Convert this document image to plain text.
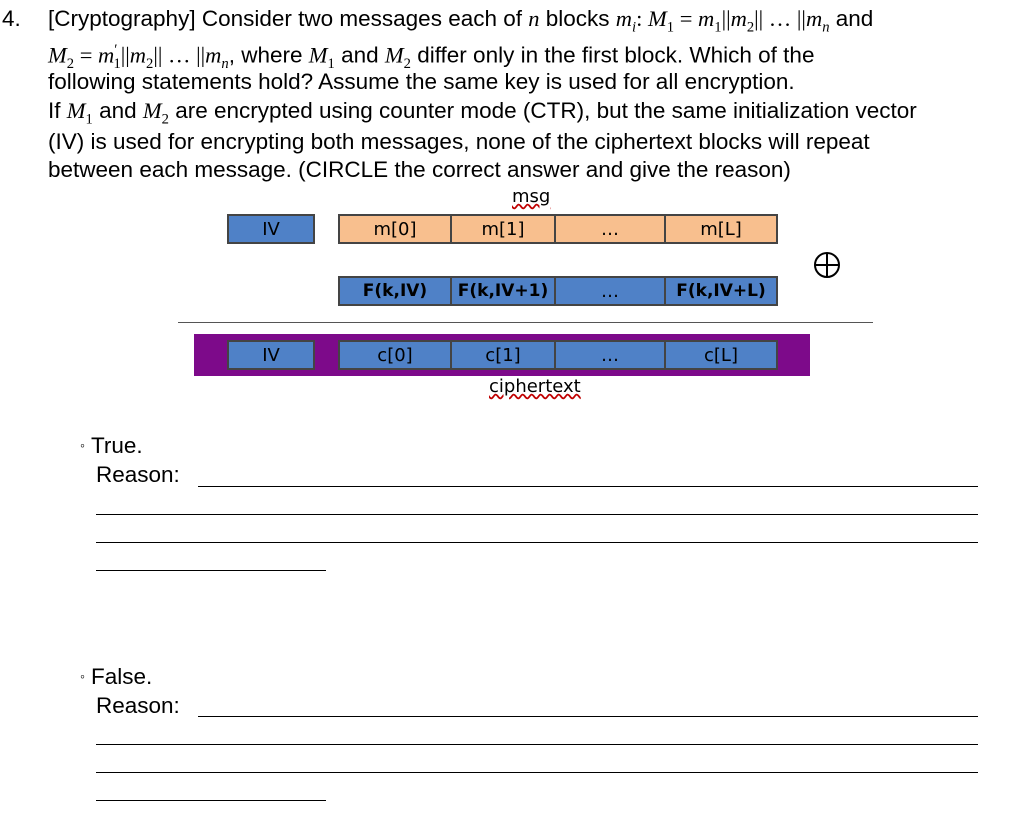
4. [Cryptography] Consider two messages each of n blocks $m_i$: $M_1 = m_1||m_2||$ … $||m_n$ and
$M_2 = m'_1||m_2||$ … $||m_n$, where $M_1$ and $M_2$ differ only in the first block. Which of the
following statements hold? Assume the same key is used for all encryption.
If $M_1$ and $M_2$ are encrypted using counter mode (CTR), but the same initialization vector
(IV) is used for encrypting both messages, none of the ciphertext blocks will repeat
between each message. (CIRCLE the correct answer and give the reason)
msg
IV	m[0]	m[1]	…	m[L]
F(k,IV)	F(k,IV+1)	…	F(k,IV+L)
IV	c[0]	c[1]	…	c[L]
ciphertext
◦ True.
Reason:
◦ False.
Reason:
